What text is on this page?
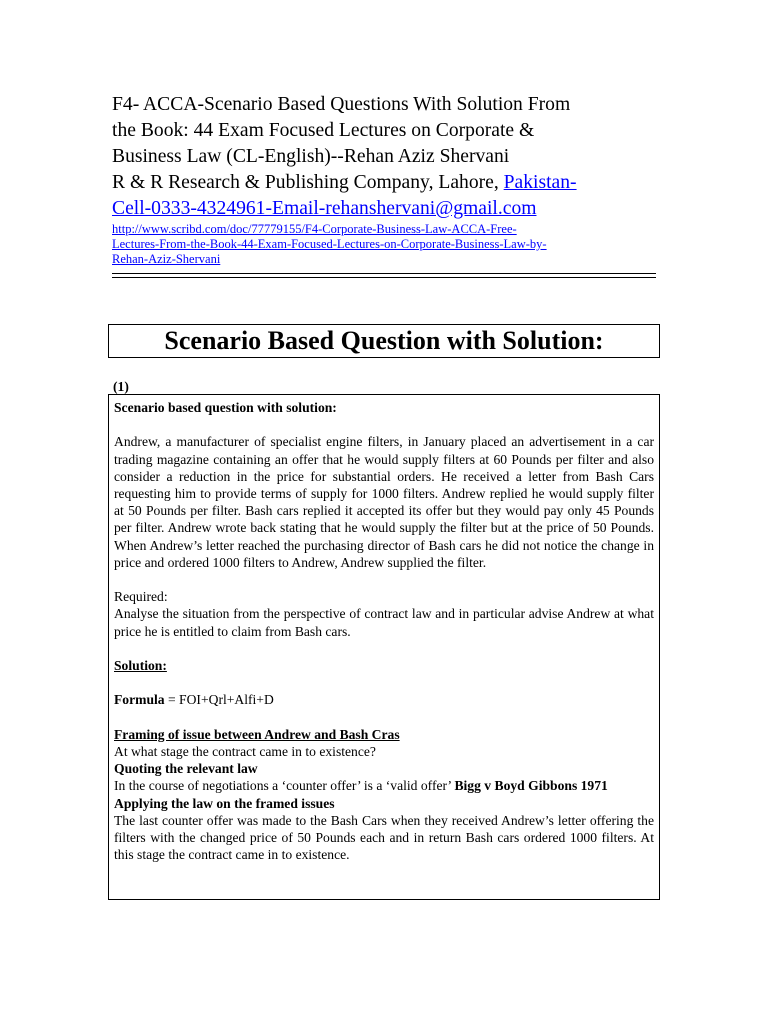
F4- ACCA-Scenario Based Questions With Solution From

the Book: 44 Exam Focused Lectures on Corporate &

Business Law (CL-English)--Rehan Aziz Shervani

R & R Research & Publishing Company, Lahore, Pakistan-

Cell-0333-4324961-Email-rehanshervani@gmail.com

http://www.scribd.com/doc/77779155/F4-Corporate-Business-Law-ACCA-Free-

Lectures-From-the-Book-44-Exam-Focused-Lectures-on-Corporate-Business-Law-by-

Rehan-Aziz-Shervani

Scenario Based Question with Solution:
(1)

Scenario based question with solution:

Andrew, a manufacturer of specialist engine filters, in January placed an advertisement in a car trading magazine containing an offer that he would supply filters at 60 Pounds per filter and also consider a reduction in the price for substantial orders. He received a letter from Bash Cars requesting him to provide terms of supply for 1000 filters. Andrew replied he would supply filter at 50 Pounds per filter. Bash cars replied it accepted its offer but they would pay only 45 Pounds per filter. Andrew wrote back stating that he would supply the filter but at the price of 50 Pounds. When Andrew’s letter reached the purchasing director of Bash cars he did not notice the change in price and ordered 1000 filters to Andrew, Andrew supplied the filter.

Required:

Analyse the situation from the perspective of contract law and in particular advise Andrew at what price he is entitled to claim from Bash cars.

Solution:

Formula = FOI+Qrl+Alfi+D

Framing of issue between Andrew and Bash Cras

At what stage the contract came in to existence?

Quoting the relevant law

In the course of negotiations a ‘counter offer’ is a ‘valid offer’ Bigg v Boyd Gibbons 1971

Applying the law on the framed issues

The last counter offer was made to the Bash Cars when they received Andrew’s letter offering the filters with the changed price of 50 Pounds each and in return Bash cars ordered 1000 filters. At this stage the contract came in to existence.
